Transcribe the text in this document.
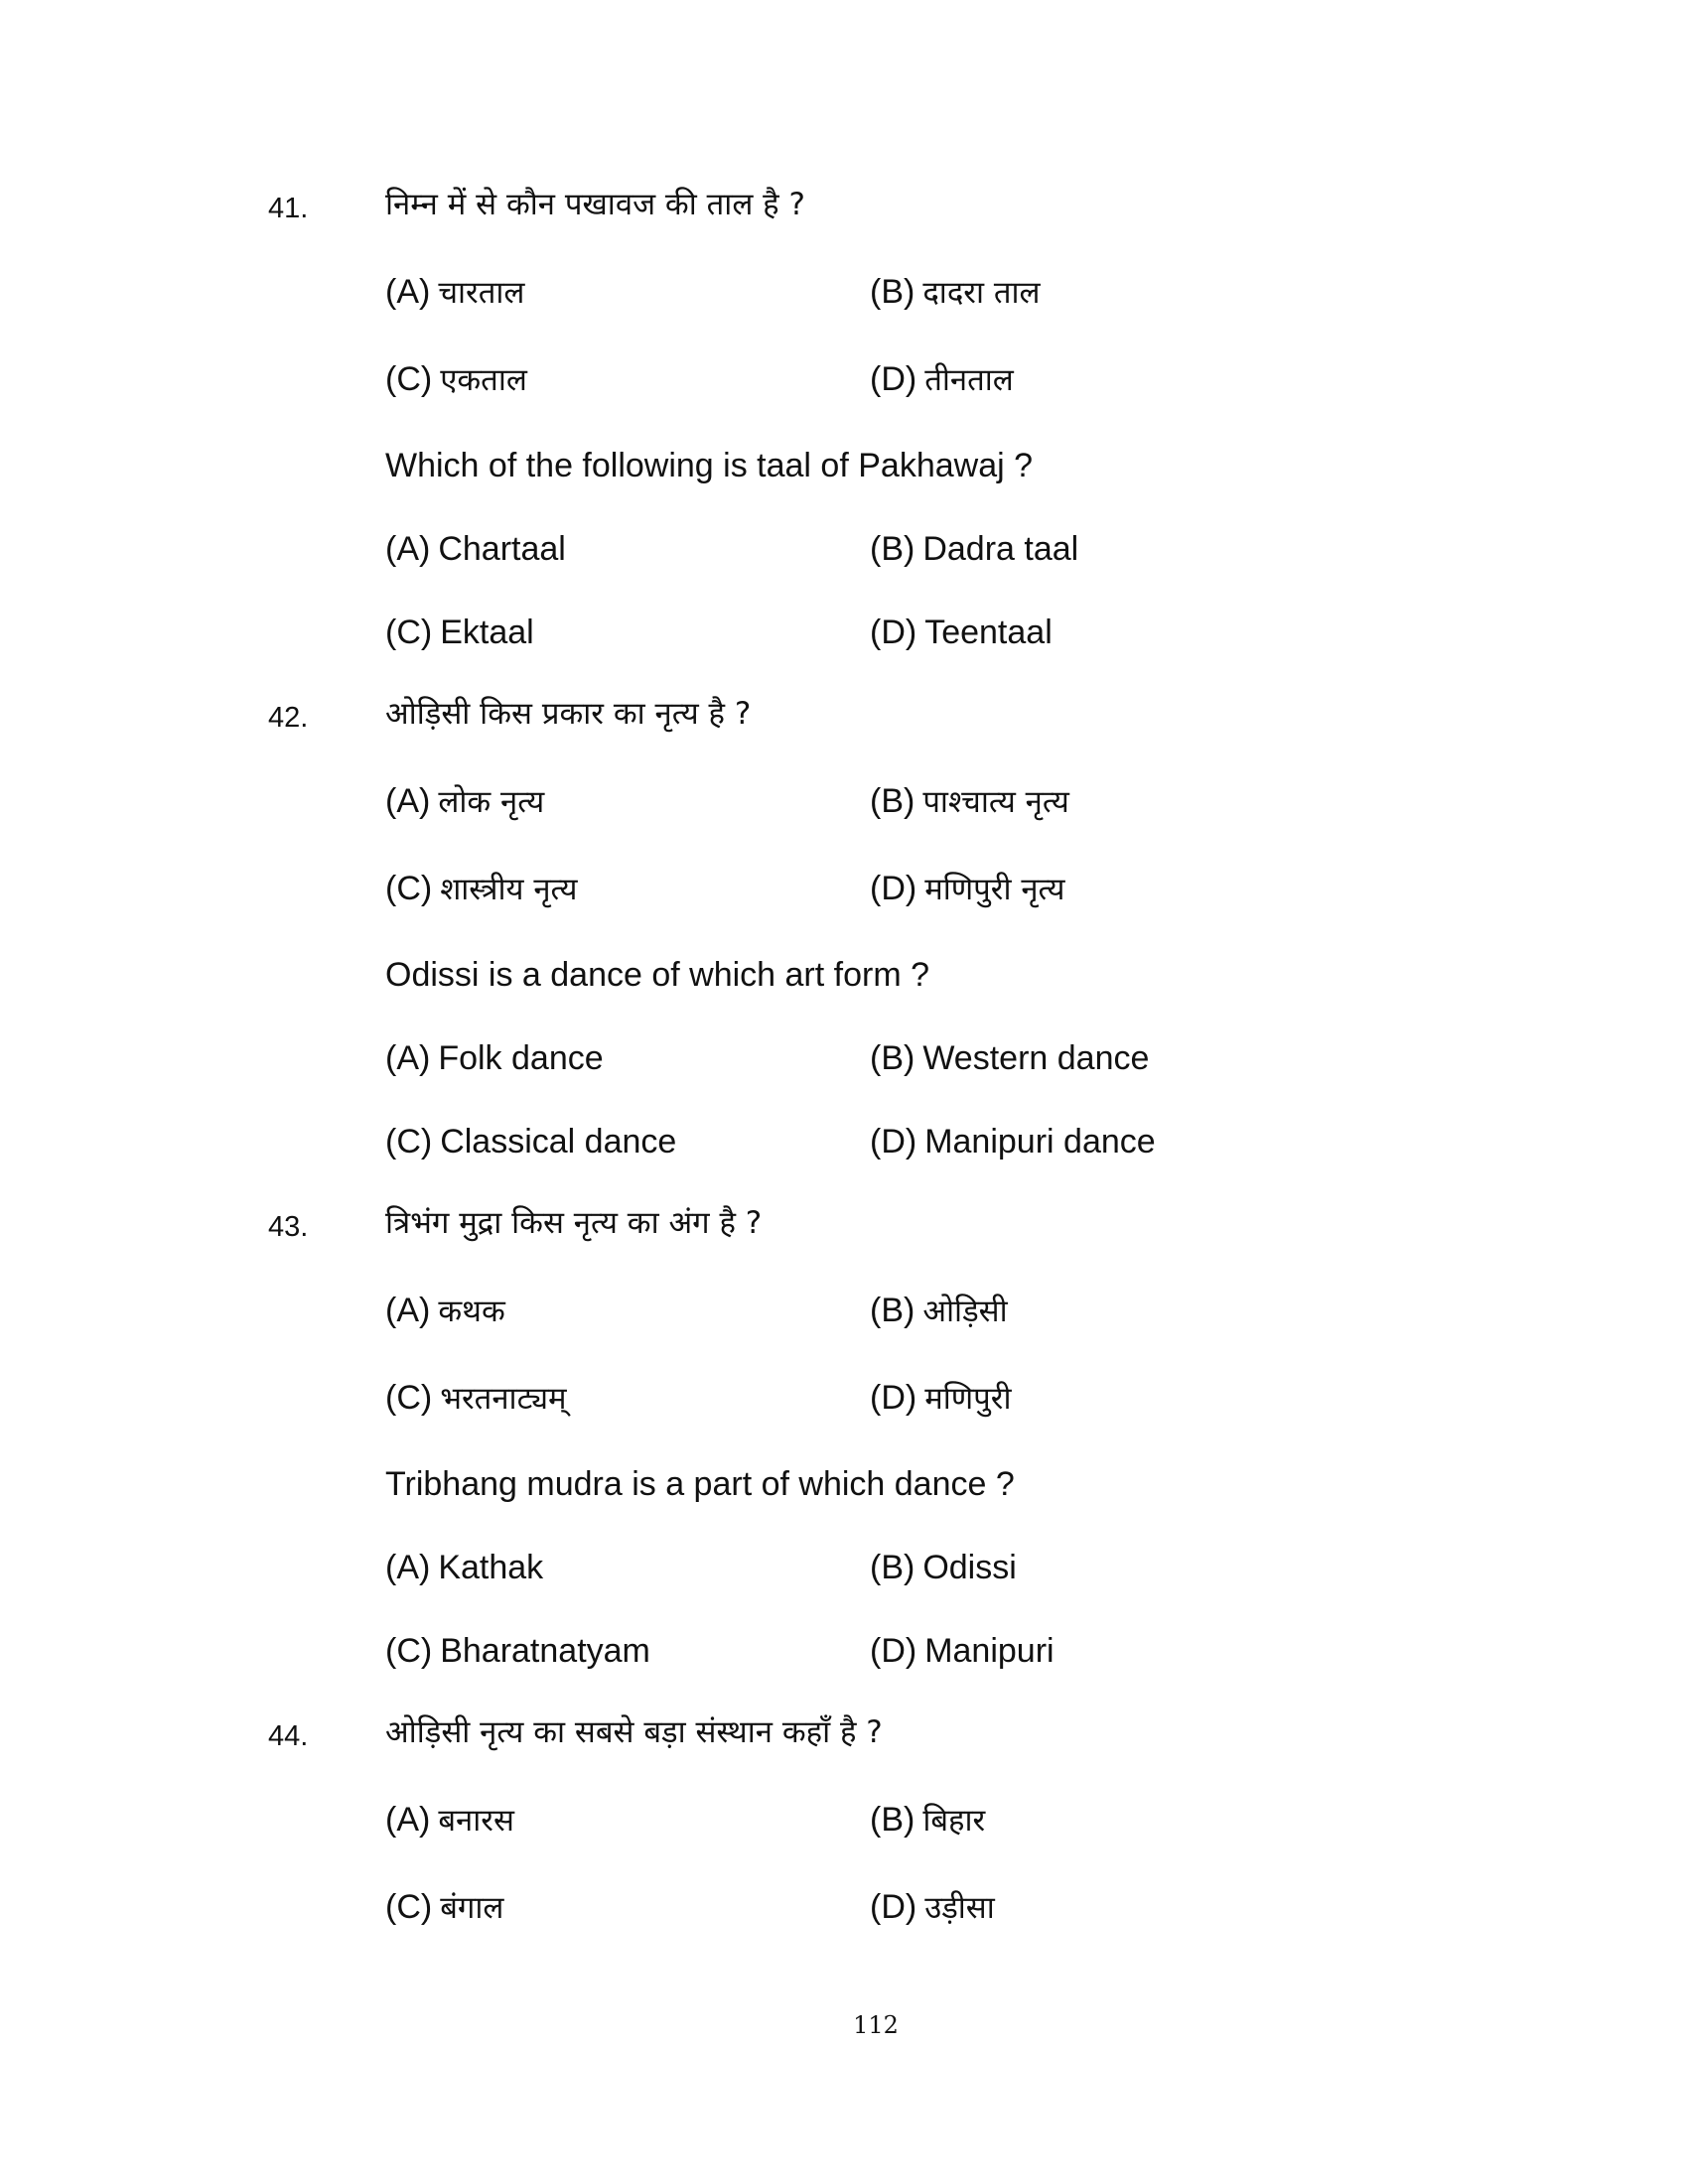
41.	निम्न में से कौन पखावज की ताल है ?
(A) चारताल	(B) दादरा ताल
(C) एकताल	(D) तीनताल
Which of the following is taal of Pakhawaj ?
(A) Chartaal	(B) Dadra taal
(C) Ektaal	(D) Teentaal
42.	ओड़िसी किस प्रकार का नृत्य है ?
(A) लोक नृत्य	(B) पाश्चात्य नृत्य
(C) शास्त्रीय नृत्य	(D) मणिपुरी नृत्य
Odissi is a dance of which art form ?
(A) Folk dance	(B) Western dance
(C) Classical dance	(D) Manipuri dance
43.	त्रिभंग मुद्रा किस नृत्य का अंग है ?
(A) कथक	(B) ओड़िसी
(C) भरतनाट्यम्	(D) मणिपुरी
Tribhang mudra is a part of which dance ?
(A) Kathak	(B) Odissi
(C) Bharatnatyam	(D) Manipuri
44.	ओड़िसी नृत्य का सबसे बड़ा संस्थान कहाँ है ?
(A) बनारस	(B) बिहार
(C) बंगाल	(D) उड़ीसा
112
